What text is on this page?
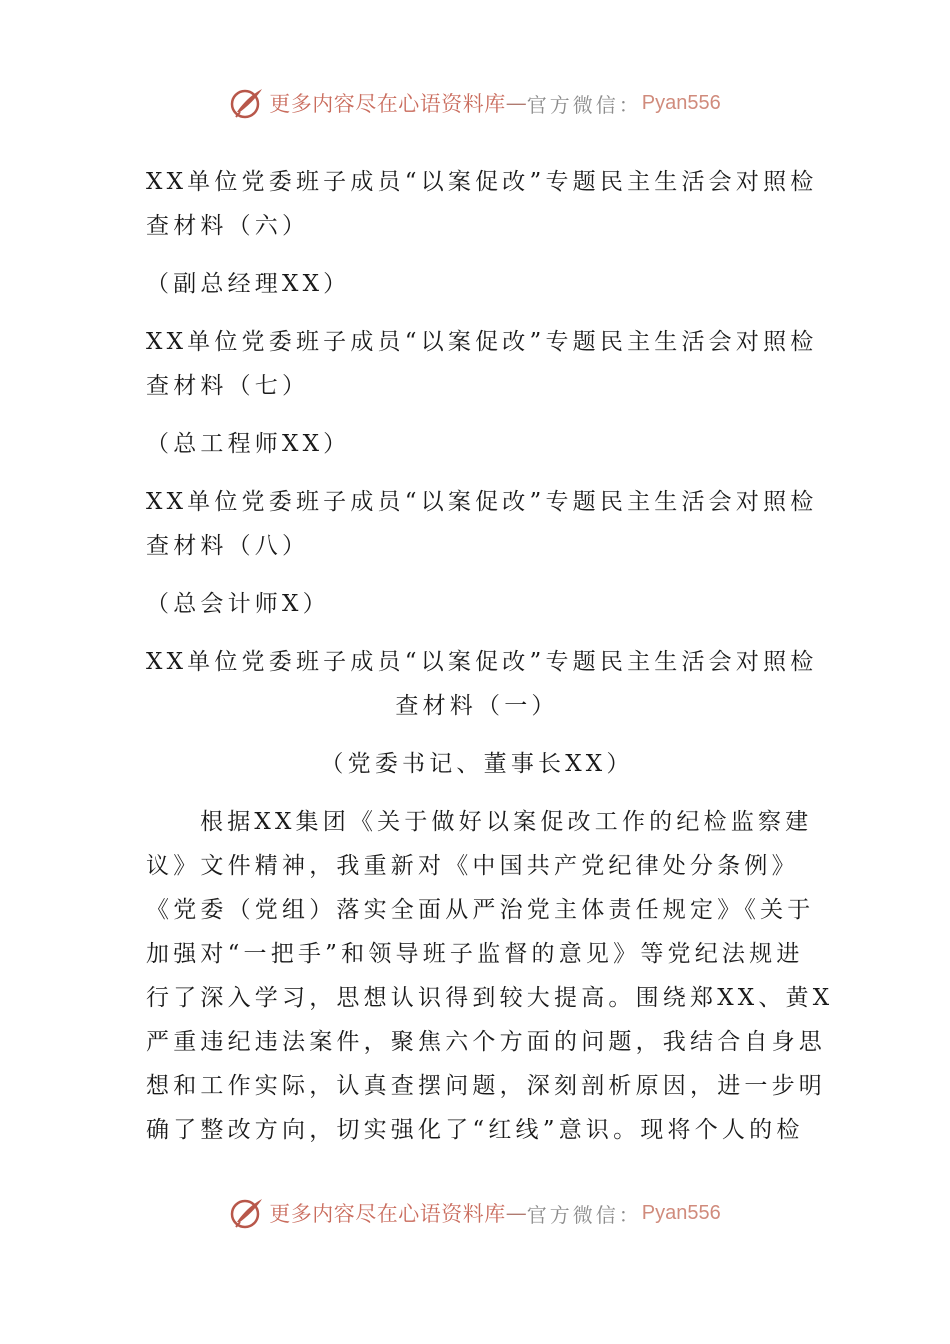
更多内容尽在心语资料库 — 官方微信： Pyan556
XX单位党委班子成员“以案促改”专题民主生活会对照检
查材料（六）
（副总经理XX）
XX单位党委班子成员“以案促改”专题民主生活会对照检
查材料（七）
（总工程师XX）
XX单位党委班子成员“以案促改”专题民主生活会对照检
查材料（八）
（总会计师X）
XX单位党委班子成员“以案促改”专题民主生活会对照检
查材料（一）
（党委书记、董事长XX）
根据XX集团《关于做好以案促改工作的纪检监察建
议》文件精神，我重新对《中国共产党纪律处分条例》
《党委（党组）落实全面从严治党主体责任规定》《关于
加强对“一把手”和领导班子监督的意见》等党纪法规进
行了深入学习，思想认识得到较大提高。围绕郑XX、黄X
严重违纪违法案件，聚焦六个方面的问题，我结合自身思
想和工作实际，认真查摆问题，深刻剖析原因，进一步明
确了整改方向，切实强化了“红线”意识。现将个人的检
更多内容尽在心语资料库 — 官方微信： Pyan556
